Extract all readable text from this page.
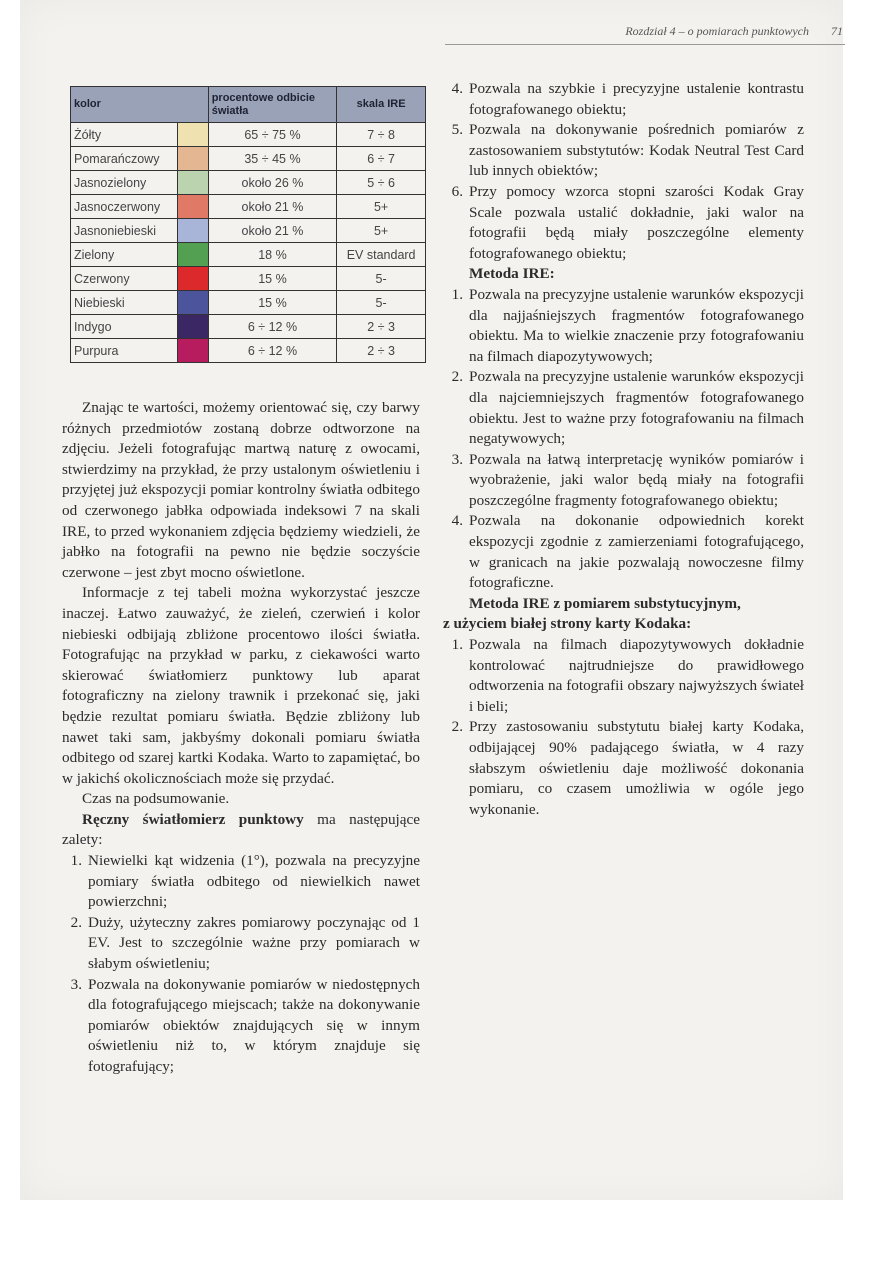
Rozdział 4 – o pomiarach punktowych 71
kolor		procentowe odbicie światła	skala IRE
Żółty		65 ÷ 75 %	7 ÷ 8
Pomarańczowy		35 ÷ 45 %	6 ÷ 7
Jasnozielony		około 26 %	5 ÷ 6
Jasnoczerwony		około 21 %	5+
Jasnoniebieski		około 21 %	5+
Zielony		18 %	EV standard
Czerwony		15 %	5-
Niebieski		15 %	5-
Indygo		6 ÷ 12 %	2 ÷ 3
Purpura		6 ÷ 12 %	2 ÷ 3

Znając te wartości, możemy orientować się, czy barwy różnych przedmiotów zostaną dobrze odtworzone na zdjęciu. Jeżeli fotografując martwą naturę z owocami, stwierdzimy na przykład, że przy ustalonym oświetleniu i przyjętej już ekspozycji pomiar kontrolny światła odbitego od czerwonego jabłka odpowiada indeksowi 7 na skali IRE, to przed wykonaniem zdjęcia będziemy wiedzieli, że jabłko na fotografii na pewno nie będzie soczyście czerwone – jest zbyt mocno oświetlone.

Informacje z tej tabeli można wykorzystać jeszcze inaczej. Łatwo zauważyć, że zieleń, czerwień i kolor niebieski odbijają zbliżone procentowo ilości światła. Fotografując na przykład w parku, z ciekawości warto skierować światłomierz punktowy lub aparat fotograficzny na zielony trawnik i przekonać się, jaki będzie rezultat pomiaru światła. Będzie zbliżony lub nawet taki sam, jakbyśmy dokonali pomiaru światła odbitego od szarej kartki Kodaka. Warto to zapamiętać, bo w jakichś okolicznościach może się przydać.

Czas na podsumowanie.

Ręczny światłomierz punktowy ma następujące zalety:

1. Niewielki kąt widzenia (1°), pozwala na precyzyjne pomiary światła odbitego od niewielkich nawet powierzchni;
2. Duży, użyteczny zakres pomiarowy poczynając od 1 EV. Jest to szczególnie ważne przy pomiarach w słabym oświetleniu;
3. Pozwala na dokonywanie pomiarów w niedostępnych dla fotografującego miejscach; także na dokonywanie pomiarów obiektów znajdujących się w innym oświetleniu niż to, w którym znajduje się fotografujący;
4. Pozwala na szybkie i precyzyjne ustalenie kontrastu fotografowanego obiektu;
5. Pozwala na dokonywanie pośrednich pomiarów z zastosowaniem substytutów: Kodak Neutral Test Card lub innych obiektów;
6. Przy pomocy wzorca stopni szarości Kodak Gray Scale pozwala ustalić dokładnie, jaki walor na fotografii będą miały poszczególne elementy fotografowanego obiektu;

Metoda IRE:

1. Pozwala na precyzyjne ustalenie warunków ekspozycji dla najjaśniejszych fragmentów fotografowanego obiektu. Ma to wielkie znaczenie przy fotografowaniu na filmach diapozytywowych;
2. Pozwala na precyzyjne ustalenie warunków ekspozycji dla najciemniejszych fragmentów fotografowanego obiektu. Jest to ważne przy fotografowaniu na filmach negatywowych;
3. Pozwala na łatwą interpretację wyników pomiarów i wyobrażenie, jaki walor będą miały na fotografii poszczególne fragmenty fotografowanego obiektu;
4. Pozwala na dokonanie odpowiednich korekt ekspozycji zgodnie z zamierzeniami fotografującego, w granicach na jakie pozwalają nowoczesne filmy fotograficzne.

Metoda IRE z pomiarem substytucyjnym,

z użyciem białej strony karty Kodaka:

1. Pozwala na filmach diapozytywowych dokładnie kontrolować najtrudniejsze do prawidłowego odtworzenia na fotografii obszary najwyższych świateł i bieli;
2. Przy zastosowaniu substytutu białej karty Kodaka, odbijającej 90% padającego światła, w 4 razy słabszym oświetleniu daje możliwość dokonania pomiaru, co czasem umożliwia w ogóle jego wykonanie.
